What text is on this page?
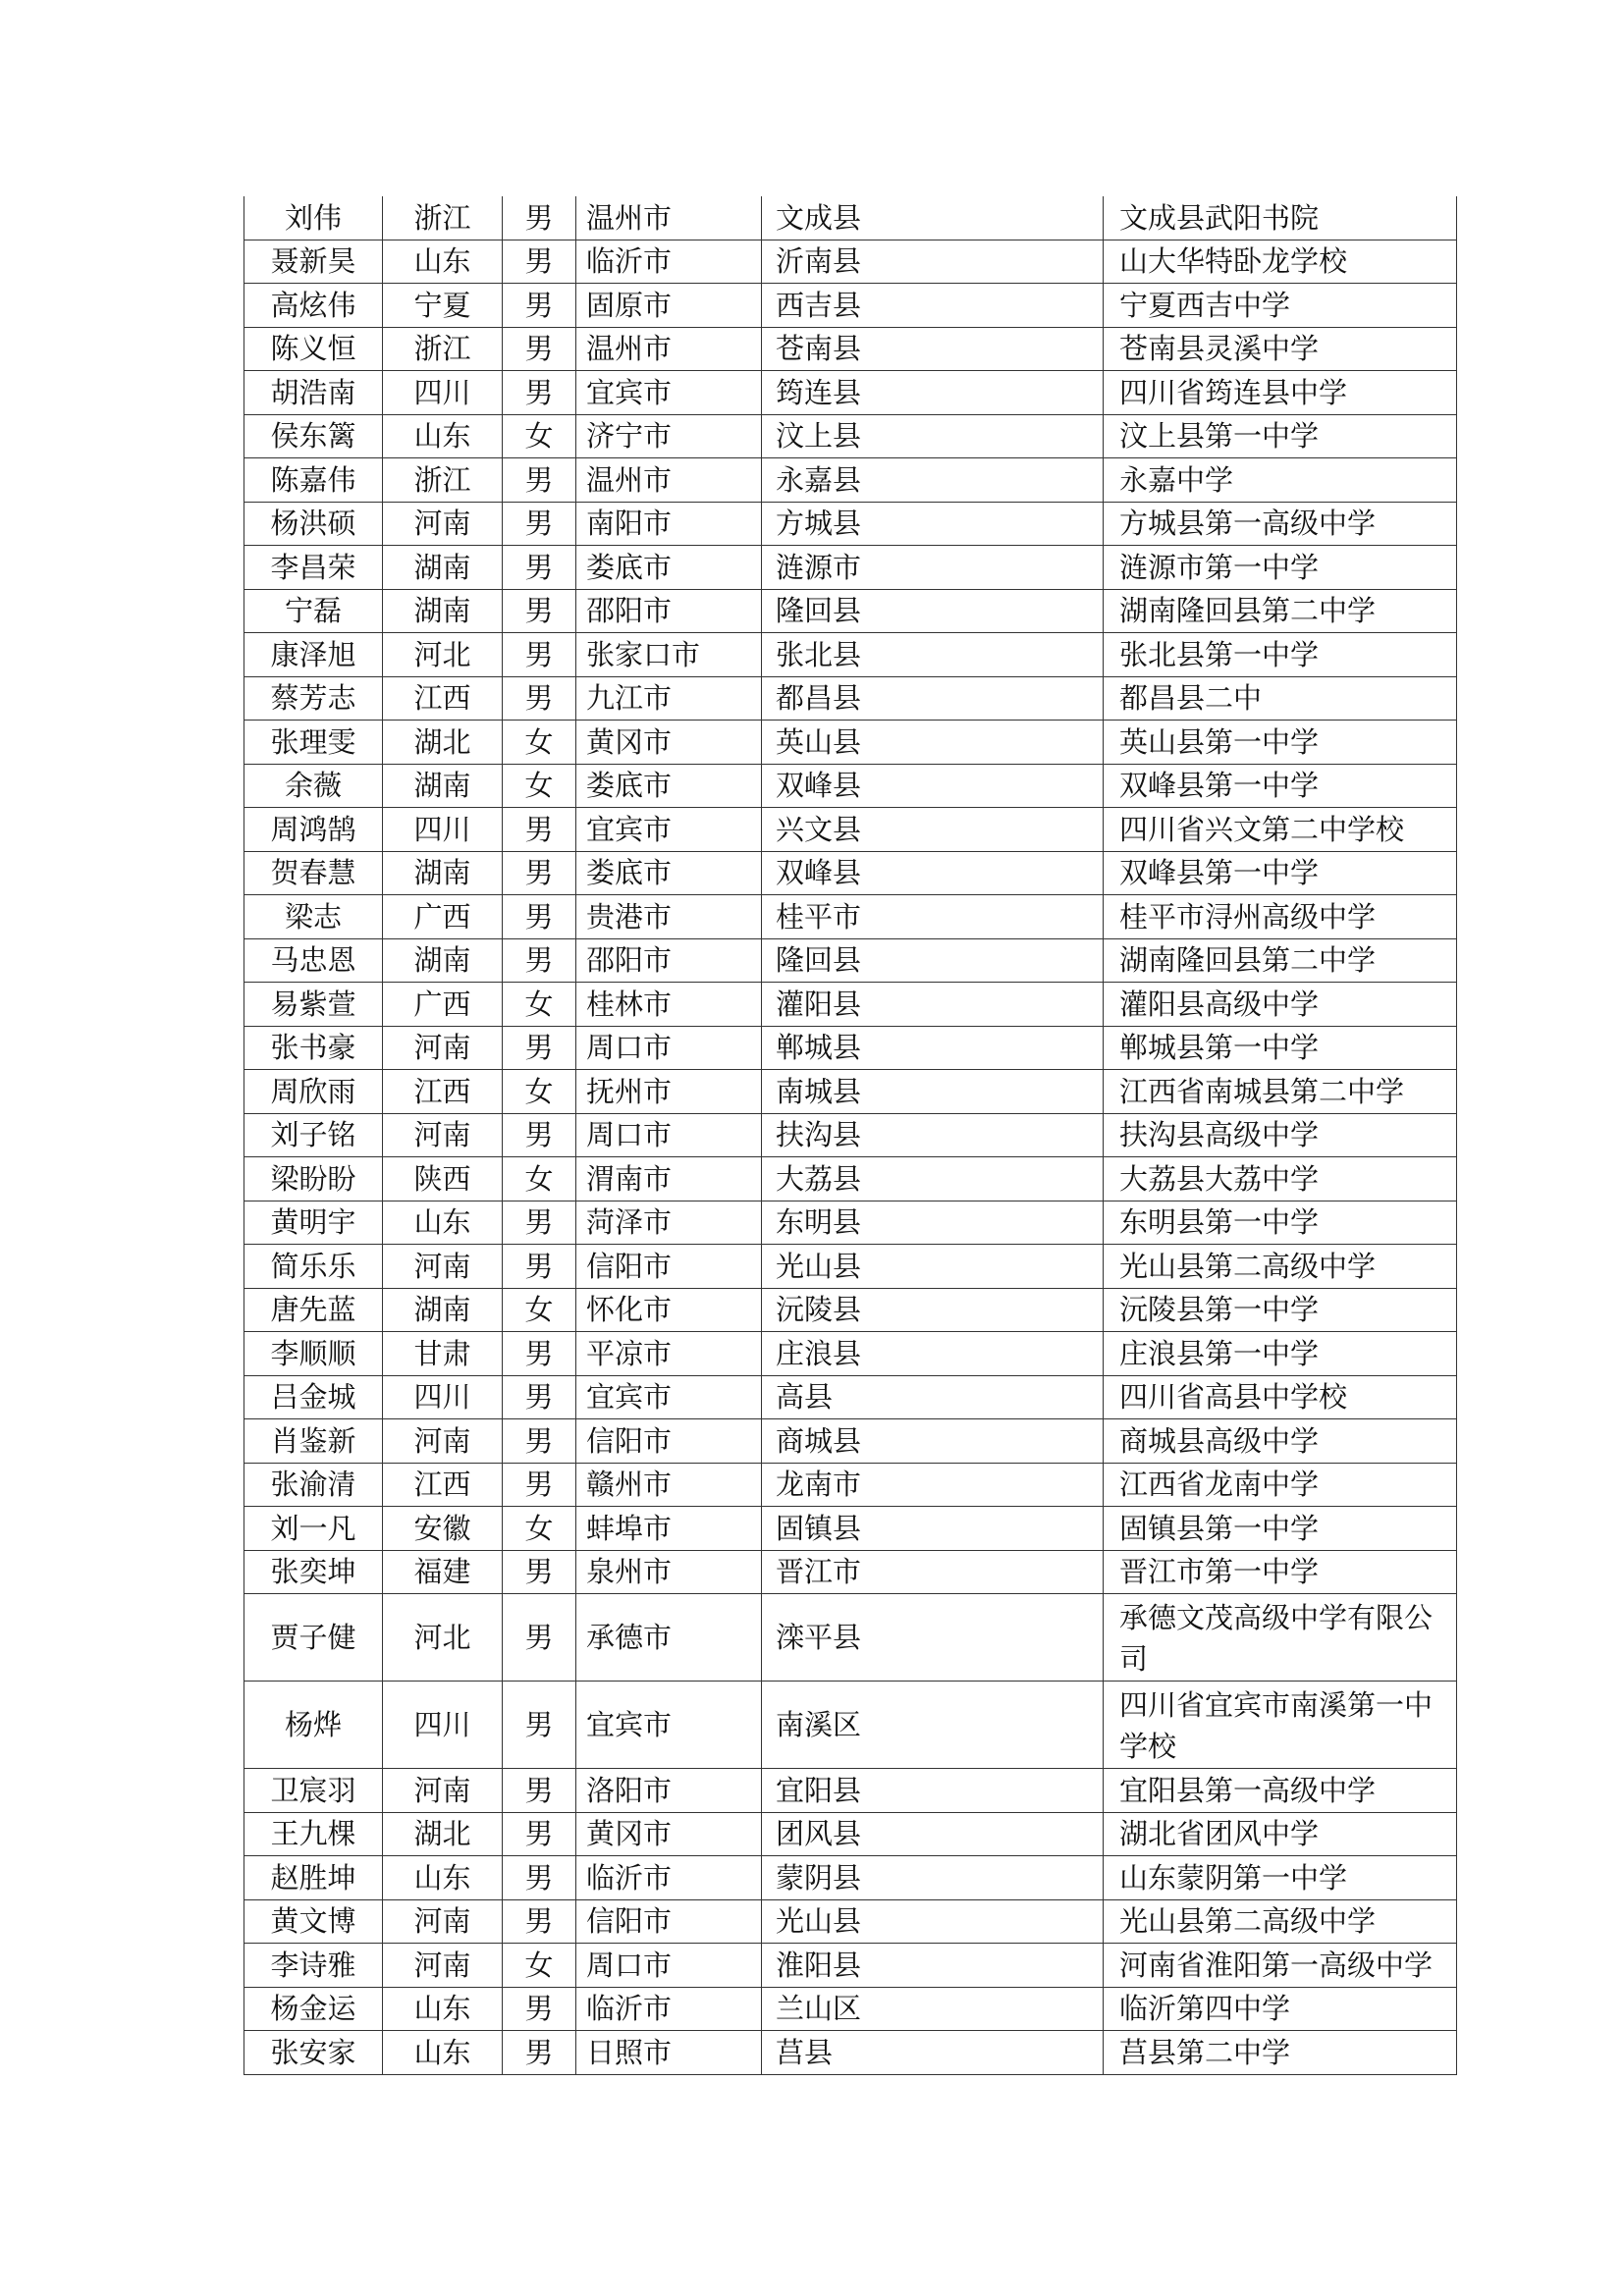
刘伟	浙江	男	温州市	文成县	文成县武阳书院
聂新昊	山东	男	临沂市	沂南县	山大华特卧龙学校
高炫伟	宁夏	男	固原市	西吉县	宁夏西吉中学
陈义恒	浙江	男	温州市	苍南县	苍南县灵溪中学
胡浩南	四川	男	宜宾市	筠连县	四川省筠连县中学
侯东篱	山东	女	济宁市	汶上县	汶上县第一中学
陈嘉伟	浙江	男	温州市	永嘉县	永嘉中学
杨洪硕	河南	男	南阳市	方城县	方城县第一高级中学
李昌荣	湖南	男	娄底市	涟源市	涟源市第一中学
宁磊	湖南	男	邵阳市	隆回县	湖南隆回县第二中学
康泽旭	河北	男	张家口市	张北县	张北县第一中学
蔡芳志	江西	男	九江市	都昌县	都昌县二中
张理雯	湖北	女	黄冈市	英山县	英山县第一中学
余薇	湖南	女	娄底市	双峰县	双峰县第一中学
周鸿鹄	四川	男	宜宾市	兴文县	四川省兴文第二中学校
贺春慧	湖南	男	娄底市	双峰县	双峰县第一中学
梁志	广西	男	贵港市	桂平市	桂平市浔州高级中学
马忠恩	湖南	男	邵阳市	隆回县	湖南隆回县第二中学
易紫萱	广西	女	桂林市	灌阳县	灌阳县高级中学
张书豪	河南	男	周口市	郸城县	郸城县第一中学
周欣雨	江西	女	抚州市	南城县	江西省南城县第二中学
刘子铭	河南	男	周口市	扶沟县	扶沟县高级中学
梁盼盼	陕西	女	渭南市	大荔县	大荔县大荔中学
黄明宇	山东	男	菏泽市	东明县	东明县第一中学
简乐乐	河南	男	信阳市	光山县	光山县第二高级中学
唐先蓝	湖南	女	怀化市	沅陵县	沅陵县第一中学
李顺顺	甘肃	男	平凉市	庄浪县	庄浪县第一中学
吕金城	四川	男	宜宾市	高县	四川省高县中学校
肖鉴新	河南	男	信阳市	商城县	商城县高级中学
张渝清	江西	男	赣州市	龙南市	江西省龙南中学
刘一凡	安徽	女	蚌埠市	固镇县	固镇县第一中学
张奕坤	福建	男	泉州市	晋江市	晋江市第一中学
贾子健	河北	男	承德市	滦平县	承德文茂高级中学有限公司
杨烨	四川	男	宜宾市	南溪区	四川省宜宾市南溪第一中学校
卫宸羽	河南	男	洛阳市	宜阳县	宜阳县第一高级中学
王九棵	湖北	男	黄冈市	团风县	湖北省团风中学
赵胜坤	山东	男	临沂市	蒙阴县	山东蒙阴第一中学
黄文博	河南	男	信阳市	光山县	光山县第二高级中学
李诗雅	河南	女	周口市	淮阳县	河南省淮阳第一高级中学
杨金运	山东	男	临沂市	兰山区	临沂第四中学
张安家	山东	男	日照市	莒县	莒县第二中学
